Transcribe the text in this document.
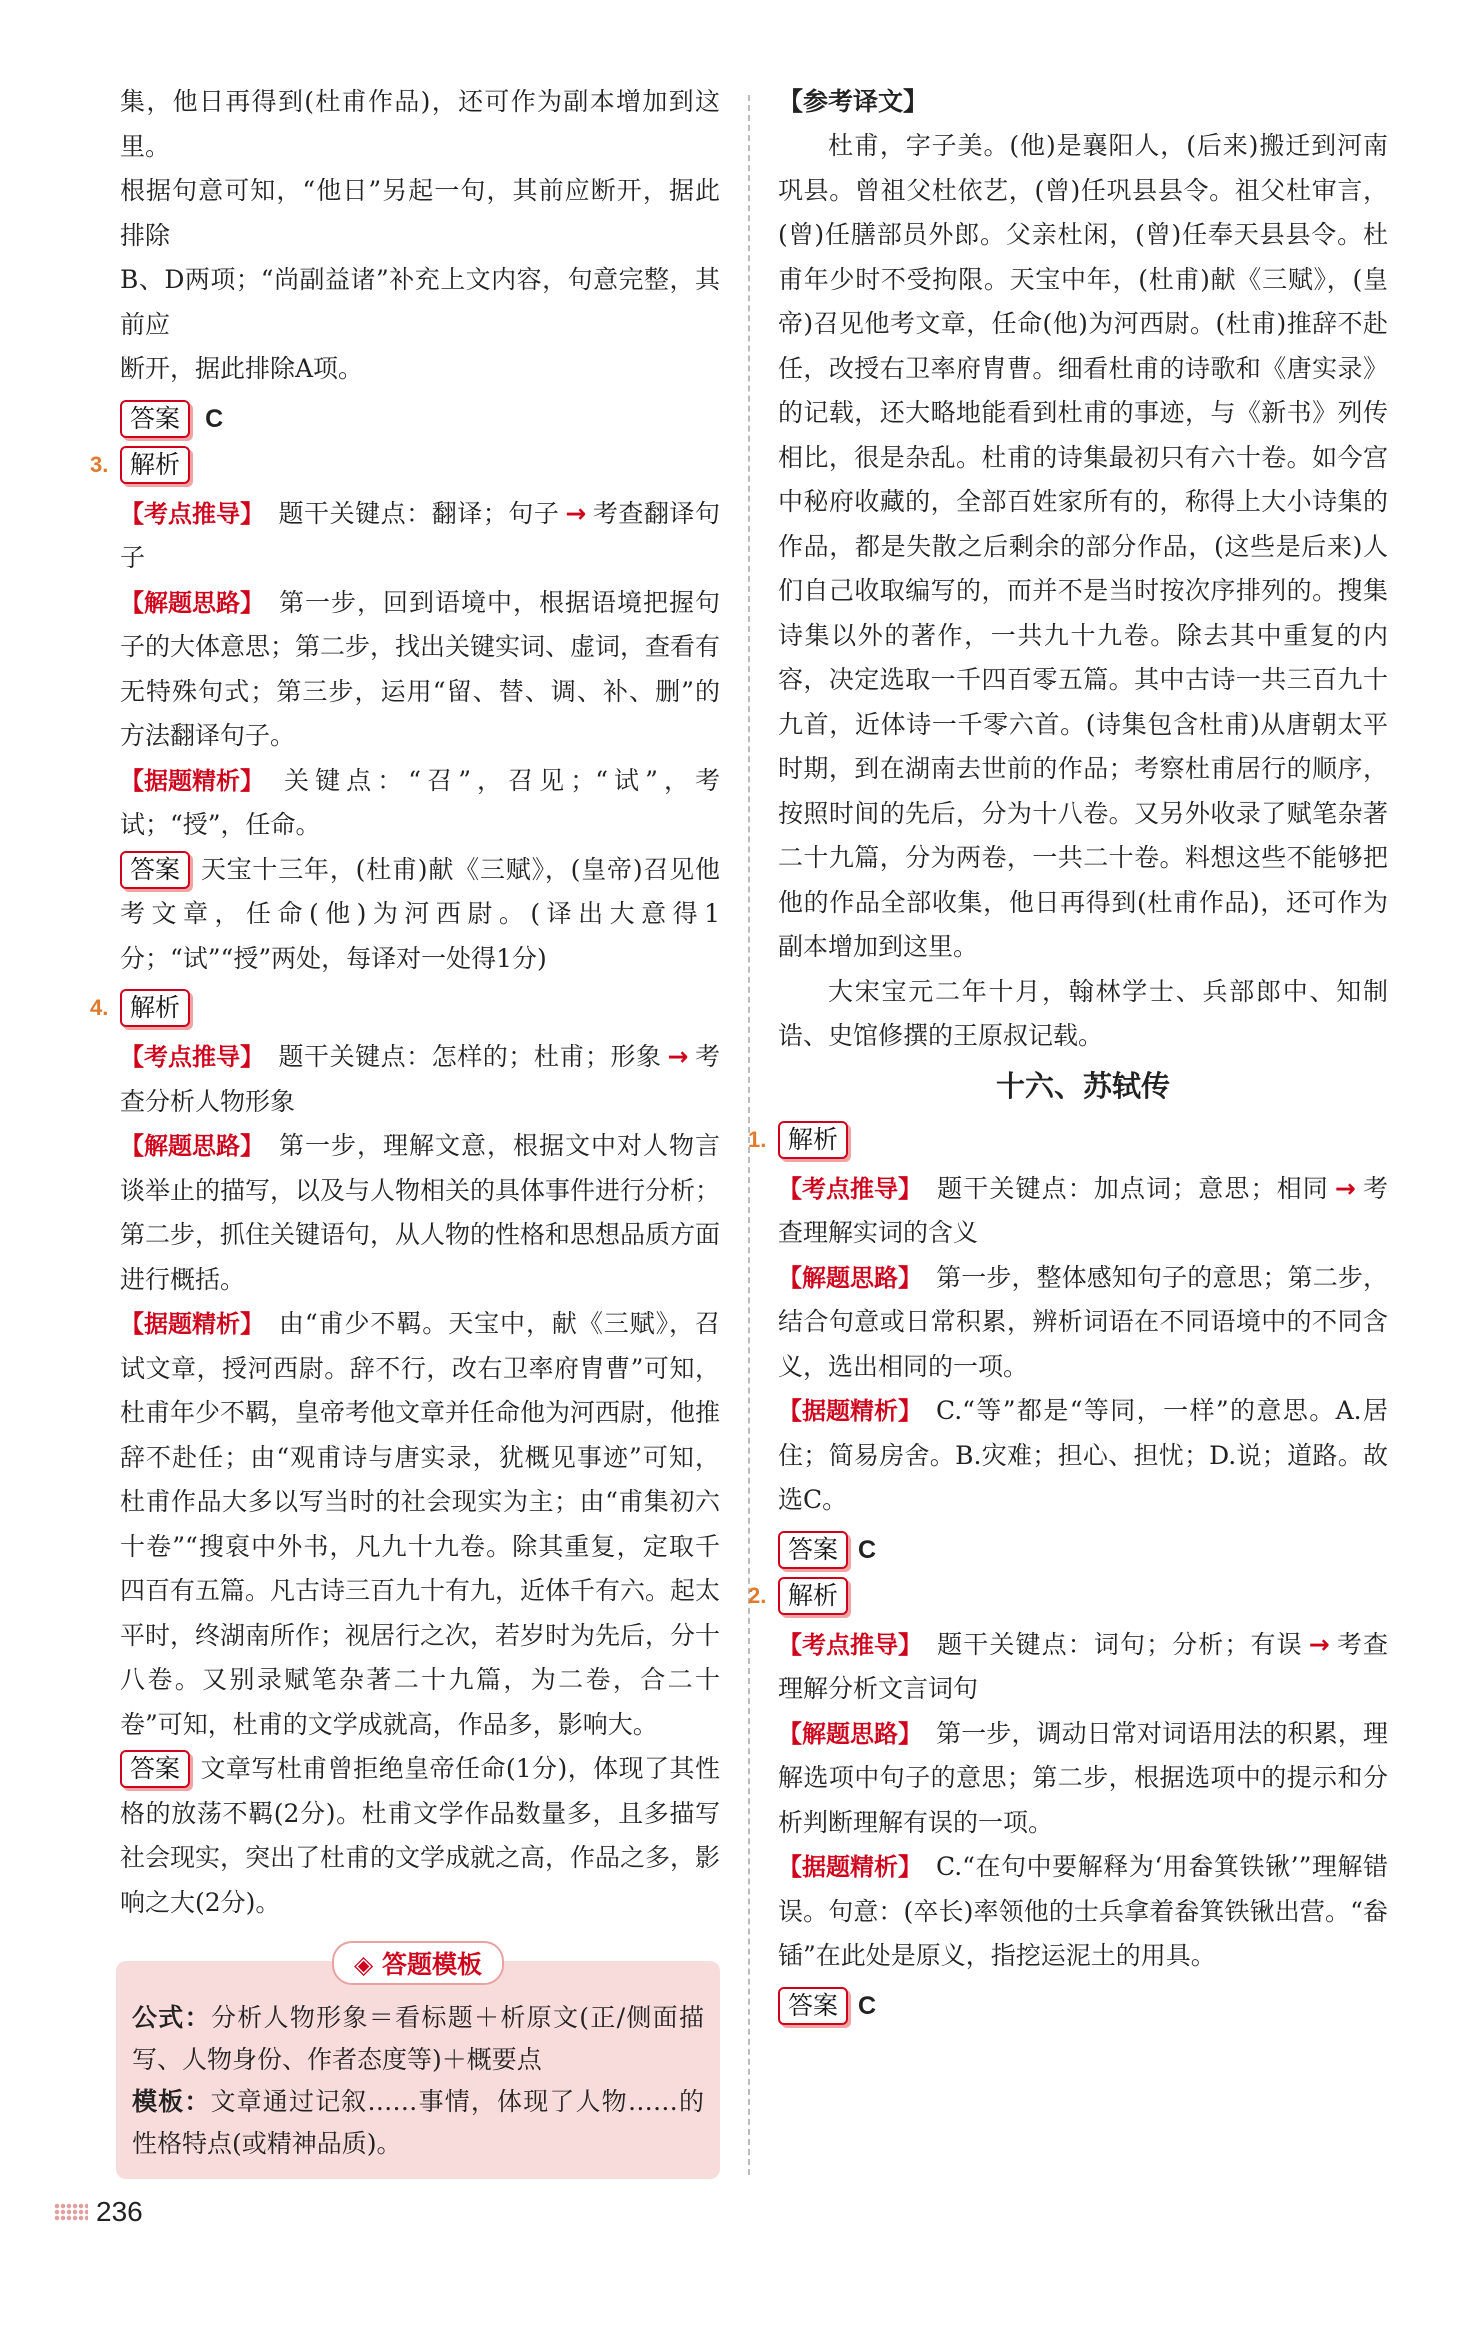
集，他日再得到(杜甫作品)，还可作为副本增加到这里。

根据句意可知，“他日”另起一句，其前应断开，据此排除

B、D两项；“尚副益诸”补充上文内容，句意完整，其前应

断开，据此排除A项。

答案 C
3. 解析

【考点推导】 题干关键点：翻译；句子 → 考查翻译句子

【解题思路】 第一步，回到语境中，根据语境把握句子的大体意思；第二步，找出关键实词、虚词，查看有无特殊句式；第三步，运用“留、替、调、补、删”的方法翻译句子。

【据题精析】 关键点：“召”，召见；“试”，考试；“授”，任命。

答案 天宝十三年，(杜甫)献《三赋》，(皇帝)召见他考文章，任命(他)为河西尉。(译出大意得1分；“试”“授”两处，每译对一处得1分)

4. 解析

【考点推导】 题干关键点：怎样的；杜甫；形象 → 考查分析人物形象

【解题思路】 第一步，理解文意，根据文中对人物言谈举止的描写，以及与人物相关的具体事件进行分析；第二步，抓住关键语句，从人物的性格和思想品质方面进行概括。

【据题精析】 由“甫少不羁。天宝中，献《三赋》，召试文章，授河西尉。辞不行，改右卫率府胄曹”可知，杜甫年少不羁，皇帝考他文章并任命他为河西尉，他推辞不赴任；由“观甫诗与唐实录，犹概见事迹”可知，杜甫作品大多以写当时的社会现实为主；由“甫集初六十卷”“搜裒中外书，凡九十九卷。除其重复，定取千四百有五篇。凡古诗三百九十有九，近体千有六。起太平时，终湖南所作；视居行之次，若岁时为先后，分十八卷。又别录赋笔杂著二十九篇，为二卷，合二十卷”可知，杜甫的文学成就高，作品多，影响大。

答案 文章写杜甫曾拒绝皇帝任命(1分)，体现了其性格的放荡不羁(2分)。杜甫文学作品数量多，且多描写社会现实，突出了杜甫的文学成就之高，作品之多，影响之大(2分)。

◈ 答题模板

公式：分析人物形象＝看标题＋析原文(正/侧面描写、人物身份、作者态度等)＋概要点

模板：文章通过记叙……事情，体现了人物……的性格特点(或精神品质)。

【参考译文】

杜甫，字子美。(他)是襄阳人，(后来)搬迁到河南巩县。曾祖父杜依艺，(曾)任巩县县令。祖父杜审言，(曾)任膳部员外郎。父亲杜闲，(曾)任奉天县县令。杜甫年少时不受拘限。天宝中年，(杜甫)献《三赋》，(皇帝)召见他考文章，任命(他)为河西尉。(杜甫)推辞不赴任，改授右卫率府胄曹。细看杜甫的诗歌和《唐实录》的记载，还大略地能看到杜甫的事迹，与《新书》列传相比，很是杂乱。杜甫的诗集最初只有六十卷。如今宫中秘府收藏的，全部百姓家所有的，称得上大小诗集的作品，都是失散之后剩余的部分作品，(这些是后来)人们自己收取编写的，而并不是当时按次序排列的。搜集诗集以外的著作，一共九十九卷。除去其中重复的内容，决定选取一千四百零五篇。其中古诗一共三百九十九首，近体诗一千零六首。(诗集包含杜甫)从唐朝太平时期，到在湖南去世前的作品；考察杜甫居行的顺序，按照时间的先后，分为十八卷。又另外收录了赋笔杂著二十九篇，分为两卷，一共二十卷。料想这些不能够把他的作品全部收集，他日再得到(杜甫作品)，还可作为副本增加到这里。

大宋宝元二年十月，翰林学士、兵部郎中、知制诰、史馆修撰的王原叔记载。

十六、苏轼传

1. 解析

【考点推导】 题干关键点：加点词；意思；相同 → 考查理解实词的含义

【解题思路】 第一步，整体感知句子的意思；第二步，结合句意或日常积累，辨析词语在不同语境中的不同含义，选出相同的一项。

【据题精析】 C.“等”都是“等同，一样”的意思。A.居住；简易房舍。B.灾难；担心、担忧；D.说；道路。故选C。

答案 C
2. 解析

【考点推导】 题干关键点：词句；分析；有误 → 考查理解分析文言词句

【解题思路】 第一步，调动日常对词语用法的积累，理解选项中句子的意思；第二步，根据选项中的提示和分析判断理解有误的一项。

【据题精析】 C.“在句中要解释为‘用畚箕铁锹’”理解错误。句意：(卒长)率领他的士兵拿着畚箕铁锹出营。“畚锸”在此处是原义，指挖运泥土的用具。

答案 C
236
